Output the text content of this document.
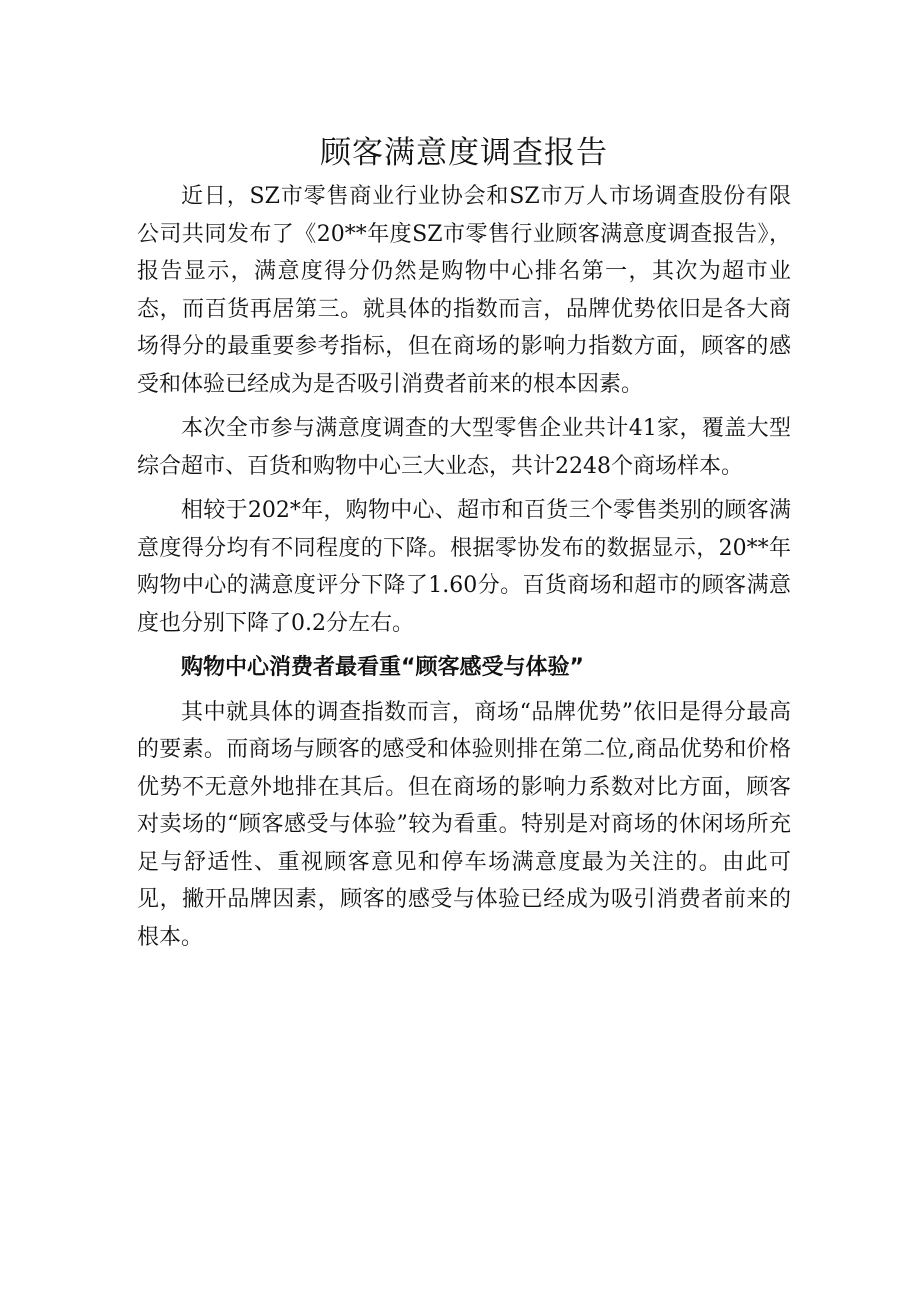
顾客满意度调查报告

近日，SZ市零售商业行业协会和SZ市万人市场调查股份有限公司共同发布了《20**年度SZ市零售行业顾客满意度调查报告》，报告显示，满意度得分仍然是购物中心排名第一，其次为超市业态，而百货再居第三。就具体的指数而言，品牌优势依旧是各大商场得分的最重要参考指标，但在商场的影响力指数方面，顾客的感受和体验已经成为是否吸引消费者前来的根本因素。

本次全市参与满意度调查的大型零售企业共计41家，覆盖大型综合超市、百货和购物中心三大业态，共计2248个商场样本。

相较于202*年，购物中心、超市和百货三个零售类别的顾客满意度得分均有不同程度的下降。根据零协发布的数据显示，20**年购物中心的满意度评分下降了1.60分。百货商场和超市的顾客满意度也分别下降了0.2分左右。

购物中心消费者最看重“顾客感受与体验”

其中就具体的调查指数而言，商场“品牌优势”依旧是得分最高的要素。而商场与顾客的感受和体验则排在第二位,商品优势和价格优势不无意外地排在其后。但在商场的影响力系数对比方面，顾客对卖场的“顾客感受与体验”较为看重。特别是对商场的休闲场所充足与舒适性、重视顾客意见和停车场满意度最为关注的。由此可见，撇开品牌因素，顾客的感受与体验已经成为吸引消费者前来的根本。
